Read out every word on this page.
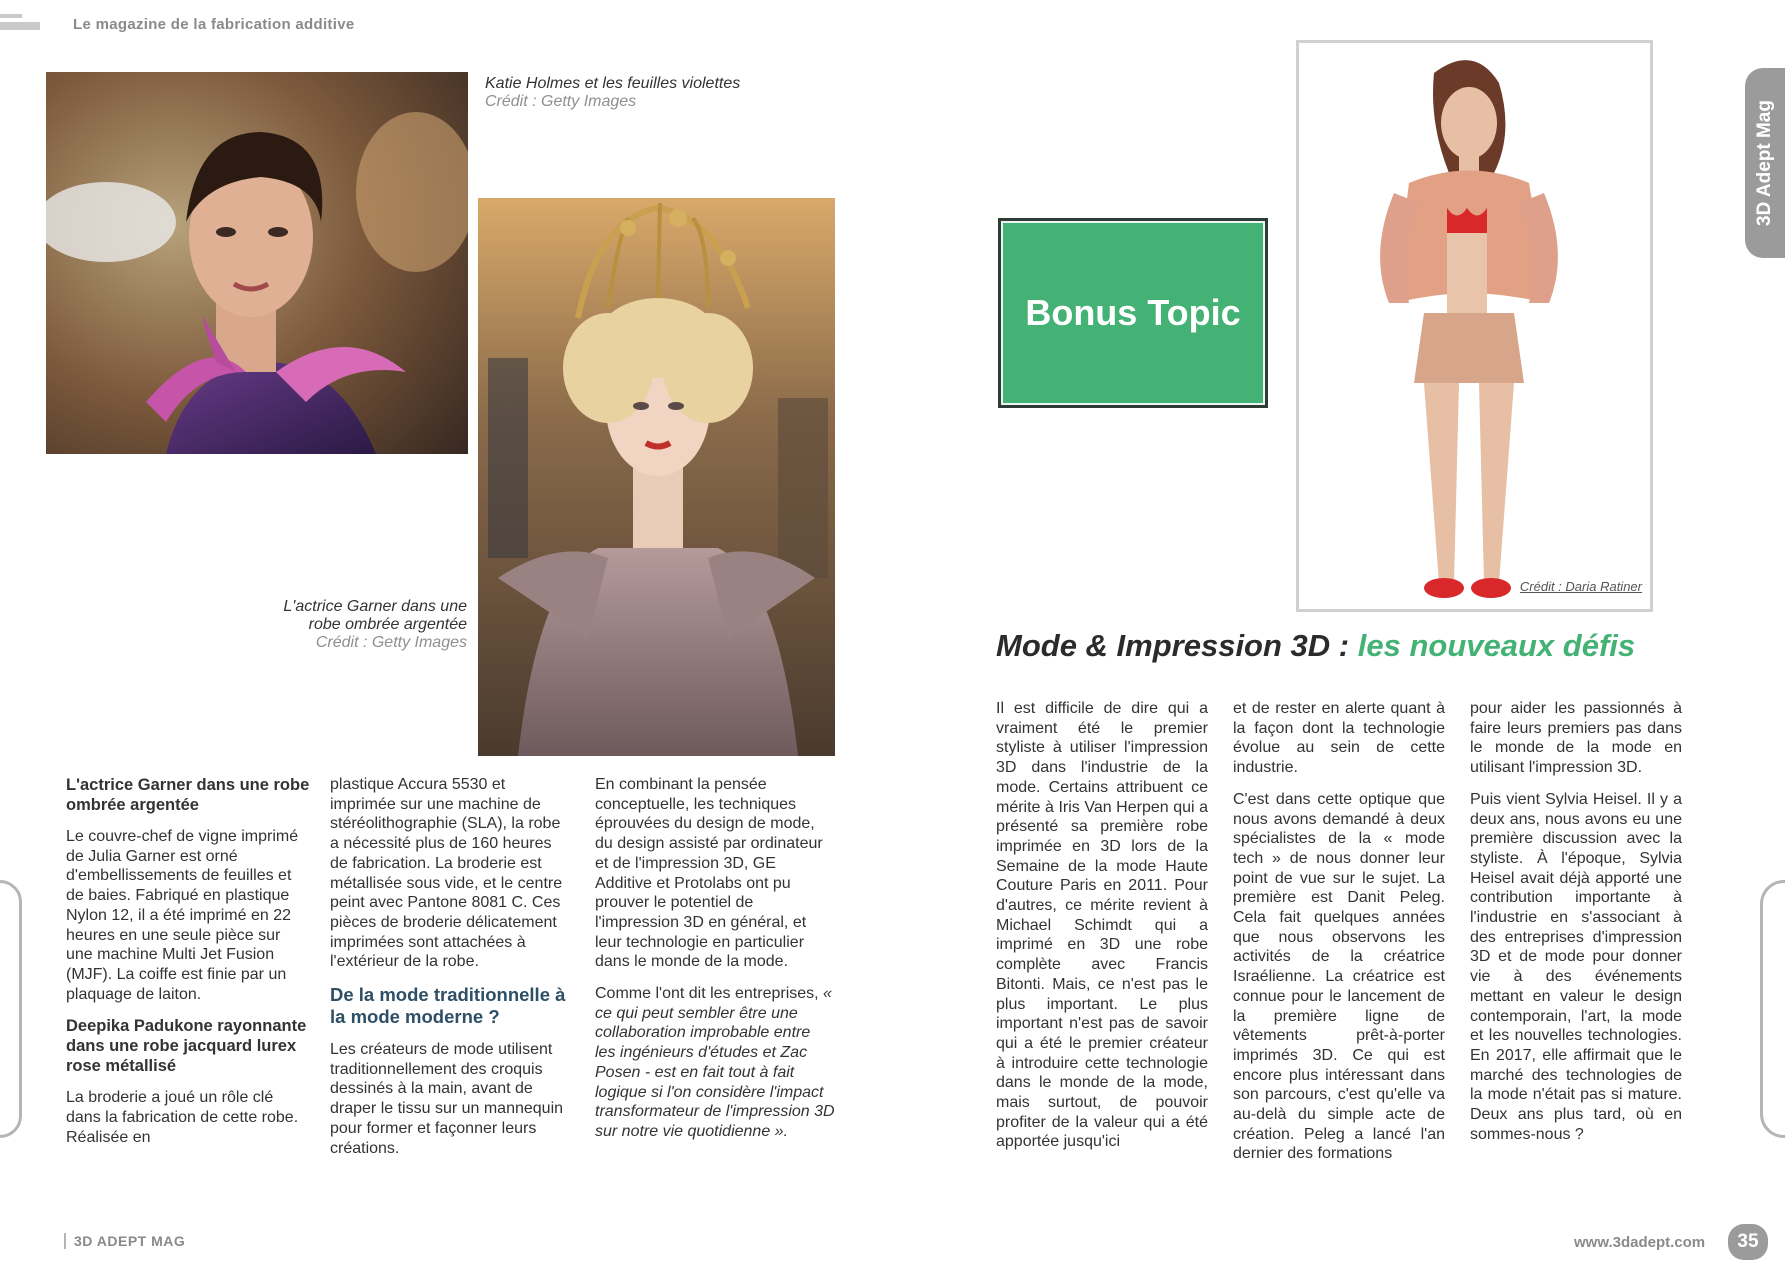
Le magazine de la fabrication additive
Katie Holmes et les feuilles violettes
Crédit : Getty Images
L'actrice Garner dans une
robe ombrée argentée
Crédit : Getty Images
L'actrice Garner dans une robe ombrée argentée

Le couvre-chef de vigne imprimé de Julia Garner est orné d'embellissements de feuilles et de baies. Fabriqué en plastique Nylon 12, il a été imprimé en 22 heures en une seule pièce sur une machine Multi Jet Fusion (MJF). La coiffe est finie par un plaquage de laiton.

Deepika Padukone rayonnante dans une robe jacquard lurex rose métallisé

La broderie a joué un rôle clé dans la fabrication de cette robe. Réalisée en

plastique Accura 5530 et imprimée sur une machine de stéréolithographie (SLA), la robe a nécessité plus de 160 heures de fabrication. La broderie est métallisée sous vide, et le centre peint avec Pantone 8081 C. Ces pièces de broderie délicatement imprimées sont attachées à l'extérieur de la robe.

De la mode traditionnelle à la mode moderne ?

Les créateurs de mode utilisent traditionnellement des croquis dessinés à la main, avant de draper le tissu sur un mannequin pour former et façonner leurs créations.

En combinant la pensée conceptuelle, les techniques éprouvées du design de mode, du design assisté par ordinateur et de l'impression 3D, GE Additive et Protolabs ont pu prouver le potentiel de l'impression 3D en général, et leur technologie en particulier dans le monde de la mode.

Comme l'ont dit les entreprises, « ce qui peut sembler être une collaboration improbable entre les ingénieurs d'études et Zac Posen - est en fait tout à fait logique si l'on considère l'impact transformateur de l'impression 3D sur notre vie quotidienne ».

Bonus Topic
Crédit : Daria Ratiner
3D Adept Mag
Mode & Impression 3D : les nouveaux défis

Il est difficile de dire qui a vraiment été le premier styliste à utiliser l'impression 3D dans l'industrie de la mode. Certains attribuent ce mérite à Iris Van Herpen qui a présenté sa première robe imprimée en 3D lors de la Semaine de la mode Haute Couture Paris en 2011. Pour d'autres, ce mérite revient à Michael Schimdt qui a imprimé en 3D une robe complète avec Francis Bitonti. Mais, ce n'est pas le plus important. Le plus important n'est pas de savoir qui a été le premier créateur à introduire cette technologie dans le monde de la mode, mais surtout, de pouvoir profiter de la valeur qui a été apportée jusqu'ici

et de rester en alerte quant à la façon dont la technologie évolue au sein de cette industrie.

C'est dans cette optique que nous avons demandé à deux spécialistes de la « mode tech » de nous donner leur point de vue sur le sujet. La première est Danit Peleg. Cela fait quelques années que nous observons les activités de la créatrice Israélienne. La créatrice est connue pour le lancement de la première ligne de vêtements prêt-à-porter imprimés 3D. Ce qui est encore plus intéressant dans son parcours, c'est qu'elle va au-delà du simple acte de création. Peleg a lancé l'an dernier des formations

pour aider les passionnés à faire leurs premiers pas dans le monde de la mode en utilisant l'impression 3D.

Puis vient Sylvia Heisel. Il y a deux ans, nous avons eu une première discussion avec la styliste. À l'époque, Sylvia Heisel avait déjà apporté une contribution importante à l'industrie en s'associant à des entreprises d'impression 3D et de mode pour donner vie à des événements mettant en valeur le design contemporain, l'art, la mode et les nouvelles technologies. En 2017, elle affirmait que le marché des technologies de la mode n'était pas si mature. Deux ans plus tard, où en sommes-nous ?

3D ADEPT MAG	www.3dadept.com 35
